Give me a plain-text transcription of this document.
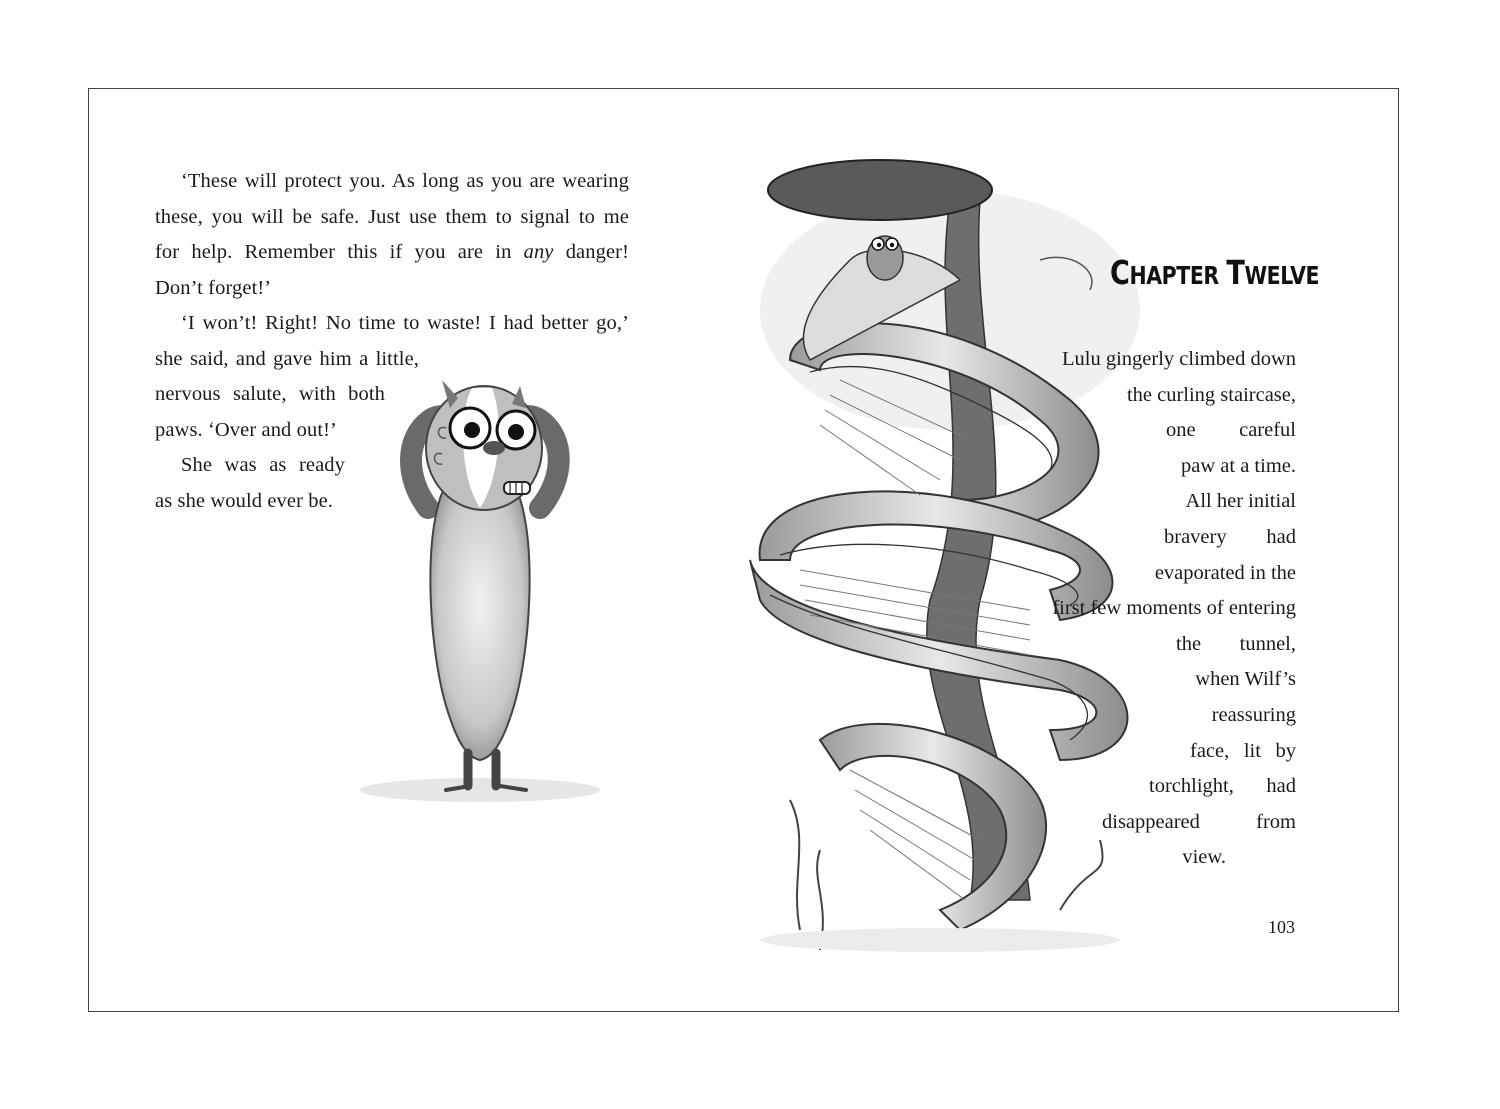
‘These will protect you. As long as you are wearing
these, you will be safe. Just use them to signal to me
for help. Remember this if you are in any danger!
Don’t forget!’
‘I won’t! Right! No time to waste! I had better go,’
she said, and gave him a little,
nervous salute, with both
paws. ‘Over and out!’
She was as ready
as she would ever be.
CHAPTER TWELVE
Lulu gingerly climbed down
the curling staircase,
one careful
paw at a time.
All her initial
bravery had
evaporated in the
first few moments of entering
the tunnel,
when Wilf’s
reassuring
face, lit by
torchlight, had
disappeared from
view.
103
